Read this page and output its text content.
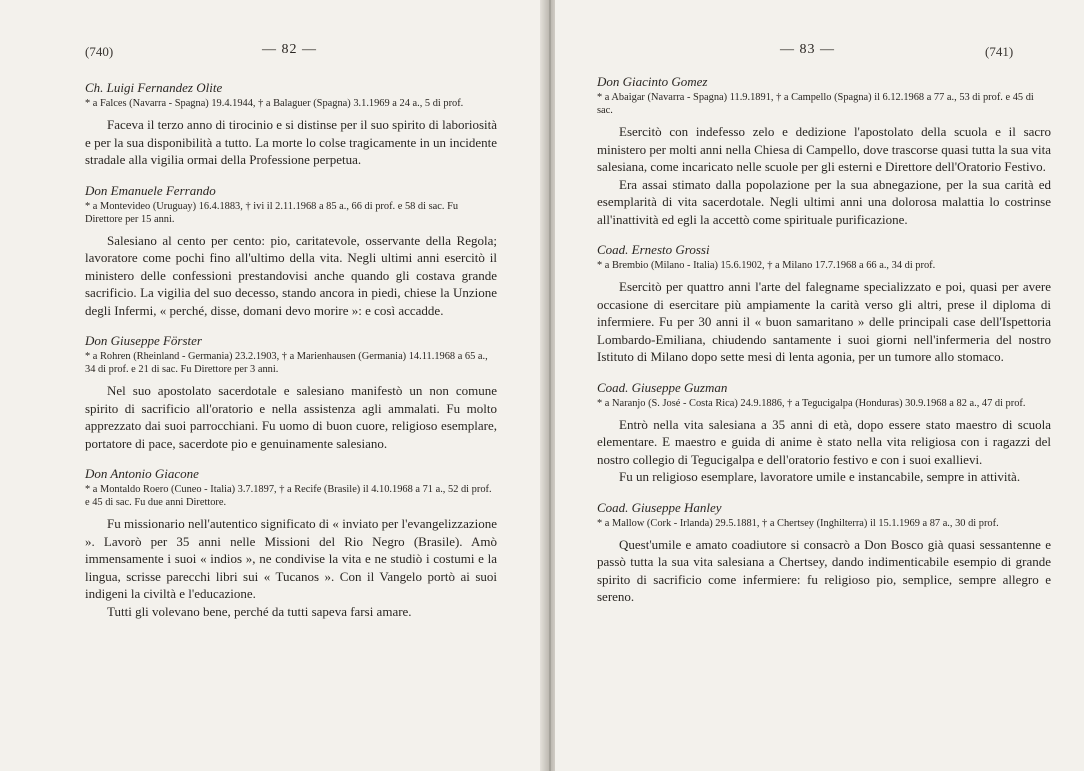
(740)	— 82 —

Ch. Luigi Fernandez Olite

* a Falces (Navarra - Spagna) 19.4.1944, † a Balaguer (Spagna) 3.1.1969 a 24 a., 5 di prof.

Faceva il terzo anno di tirocinio e si distinse per il suo spirito di laboriosità e per la sua disponibilità a tutto. La morte lo colse tragicamente in un incidente stradale alla vigilia ormai della Professione perpetua.

Don Emanuele Ferrando

* a Montevideo (Uruguay) 16.4.1883, † ivi il 2.11.1968 a 85 a., 66 di prof. e 58 di sac. Fu Direttore per 15 anni.

Salesiano al cento per cento: pio, caritatevole, osservante della Regola; lavoratore come pochi fino all'ultimo della vita. Negli ultimi anni esercitò il ministero delle confessioni prestandovisi anche quando gli costava grande sacrificio. La vigilia del suo decesso, stando ancora in piedi, chiese la Unzione degli Infermi, « perché, disse, domani devo morire »: e così accadde.

Don Giuseppe Förster

* a Rohren (Rheinland - Germania) 23.2.1903, † a Marienhausen (Germania) 14.11.1968 a 65 a., 34 di prof. e 21 di sac. Fu Direttore per 3 anni.

Nel suo apostolato sacerdotale e salesiano manifestò un non comune spirito di sacrificio all'oratorio e nella assistenza agli ammalati. Fu molto apprezzato dai suoi parrocchiani. Fu uomo di buon cuore, religioso esemplare, portatore di pace, sacerdote pio e genuinamente salesiano.

Don Antonio Giacone

* a Montaldo Roero (Cuneo - Italia) 3.7.1897, † a Recife (Brasile) il 4.10.1968 a 71 a., 52 di prof. e 45 di sac. Fu due anni Direttore.

Fu missionario nell'autentico significato di « inviato per l'evangelizzazione ». Lavorò per 35 anni nelle Missioni del Rio Negro (Brasile). Amò immensamente i suoi « indios », ne condivise la vita e ne studiò i costumi e la lingua, scrisse parecchi libri sui « Tucanos ». Con il Vangelo portò ai suoi indigeni la civiltà e l'educazione.

Tutti gli volevano bene, perché da tutti sapeva farsi amare.

— 83 —	(741)

Don Giacinto Gomez

* a Abaigar (Navarra - Spagna) 11.9.1891, † a Campello (Spagna) il 6.12.1968 a 77 a., 53 di prof. e 45 di sac.

Esercitò con indefesso zelo e dedizione l'apostolato della scuola e il sacro ministero per molti anni nella Chiesa di Campello, dove trascorse quasi tutta la sua vita salesiana, come incaricato nelle scuole per gli esterni e Direttore dell'Oratorio Festivo.

Era assai stimato dalla popolazione per la sua abnegazione, per la sua carità ed esemplarità di vita sacerdotale. Negli ultimi anni una dolorosa malattia lo costrinse all'inattività ed egli la accettò come spirituale purificazione.

Coad. Ernesto Grossi

* a Brembio (Milano - Italia) 15.6.1902, † a Milano 17.7.1968 a 66 a., 34 di prof.

Esercitò per quattro anni l'arte del falegname specializzato e poi, quasi per avere occasione di esercitare più ampiamente la carità verso gli altri, prese il diploma di infermiere. Fu per 30 anni il « buon samaritano » delle principali case dell'Ispettoria Lombardo-Emiliana, chiudendo santamente i suoi giorni nell'infermeria del nostro Istituto di Milano dopo sette mesi di lenta agonia, per un tumore allo stomaco.

Coad. Giuseppe Guzman

* a Naranjo (S. José - Costa Rica) 24.9.1886, † a Tegucigalpa (Honduras) 30.9.1968 a 82 a., 47 di prof.

Entrò nella vita salesiana a 35 anni di età, dopo essere stato maestro di scuola elementare. E maestro e guida di anime è stato nella vita religiosa con i ragazzi del nostro collegio di Tegucigalpa e dell'oratorio festivo e con i suoi exallievi.

Fu un religioso esemplare, lavoratore umile e instancabile, sempre in attività.

Coad. Giuseppe Hanley

* a Mallow (Cork - Irlanda) 29.5.1881, † a Chertsey (Inghilterra) il 15.1.1969 a 87 a., 30 di prof.

Quest'umile e amato coadiutore si consacrò a Don Bosco già quasi sessantenne e passò tutta la sua vita salesiana a Chertsey, dando indimenticabile esempio di grande spirito di sacrificio come infermiere: fu religioso pio, semplice, sempre allegro e sereno.
